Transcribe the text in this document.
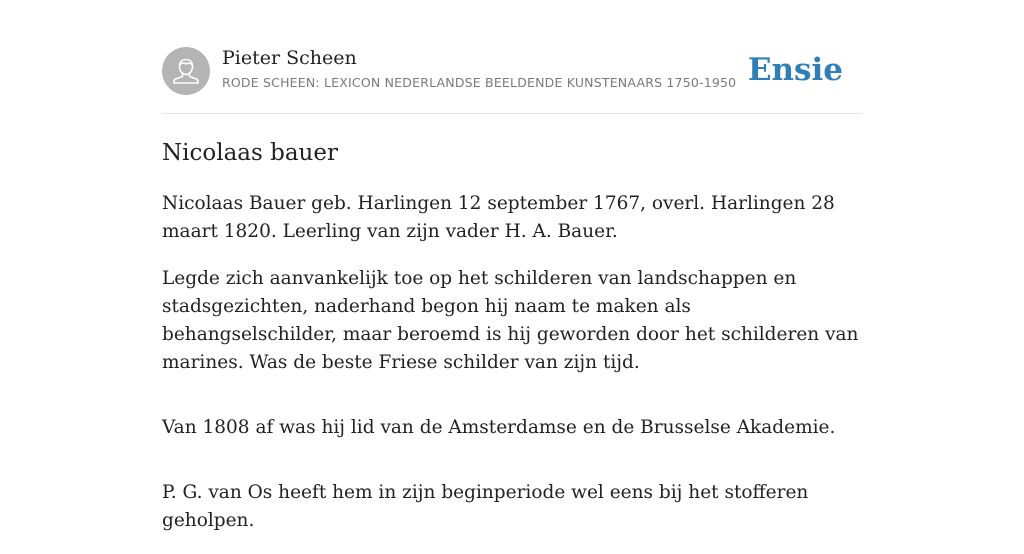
Pieter Scheen
RODE SCHEEN: LEXICON NEDERLANDSE BEELDENDE KUNSTENAARS 1750-1950 Ensie
Nicolaas bauer

Nicolaas Bauer geb. Harlingen 12 september 1767, overl. Harlingen 28 maart 1820. Leerling van zijn vader H. A. Bauer.

Legde zich aanvankelijk toe op het schilderen van landschappen en stadsgezichten, naderhand begon hij naam te maken als behangselschilder, maar beroemd is hij geworden door het schilderen van marines. Was de beste Friese schilder van zijn tijd.

Van 1808 af was hij lid van de Amsterdamse en de Brusselse Akademie.

P. G. van Os heeft hem in zijn beginperiode wel eens bij het stofferen geholpen.
